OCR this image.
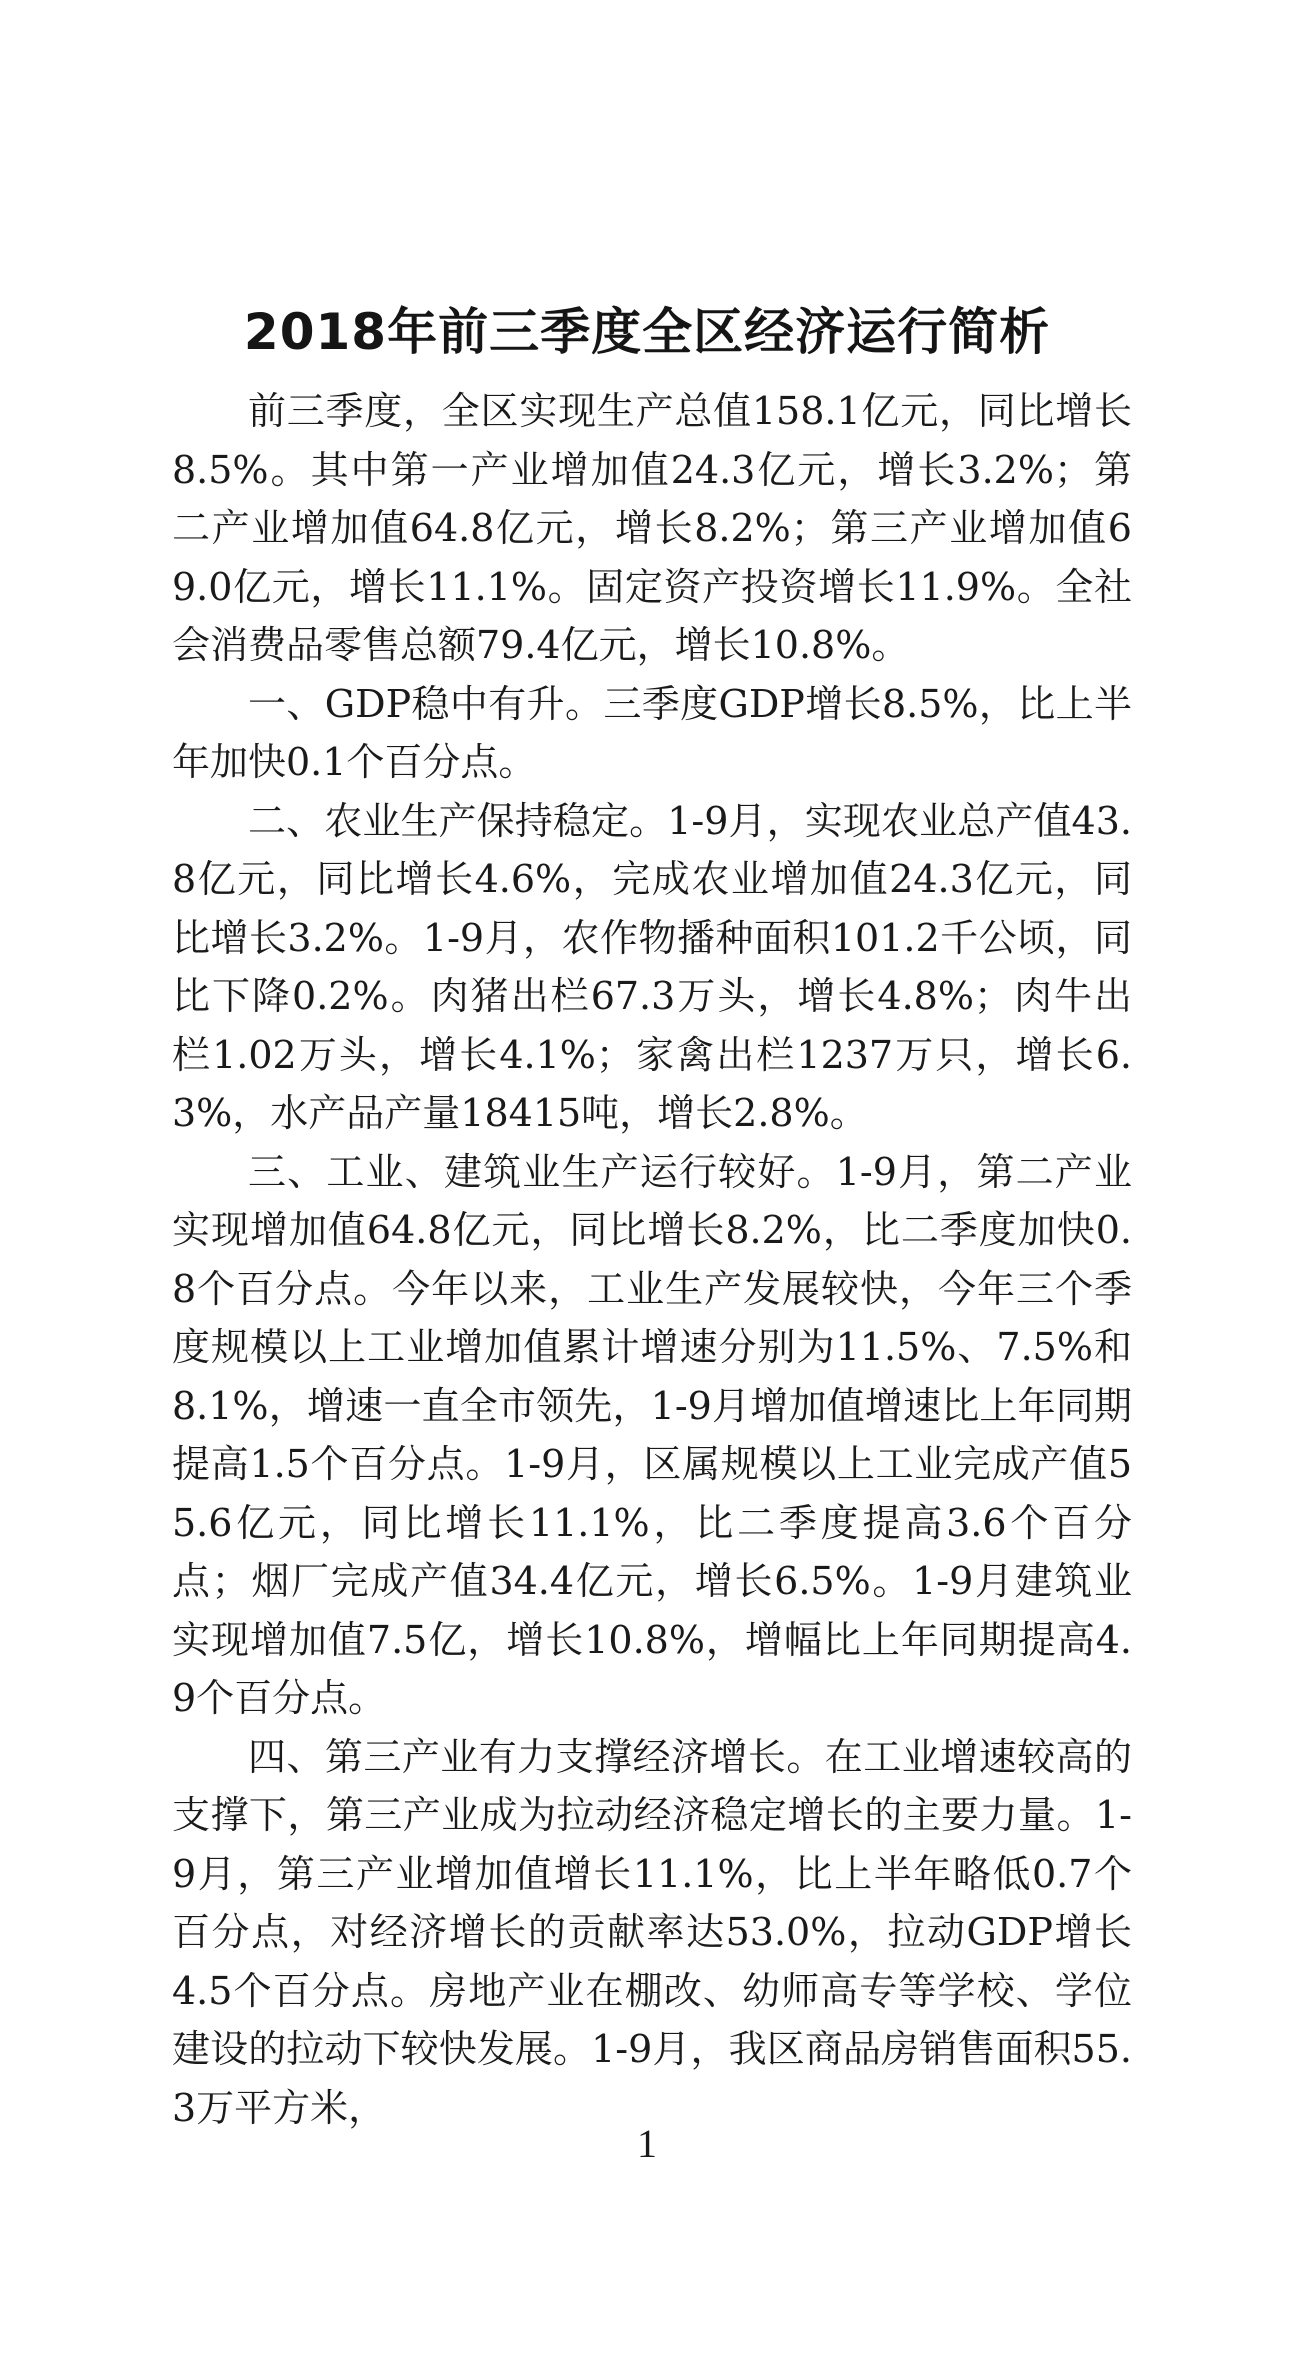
2018年前三季度全区经济运行简析

前三季度，全区实现生产总值158.1亿元，同比增长8.5%。其中第一产业增加值24.3亿元，增长3.2%；第二产业增加值64.8亿元，增长8.2%；第三产业增加值69.0亿元，增长11.1%。固定资产投资增长11.9%。全社会消费品零售总额79.4亿元，增长10.8%。

一、GDP稳中有升。三季度GDP增长8.5%，比上半年加快0.1个百分点。

二、农业生产保持稳定。1-9月，实现农业总产值43.8亿元，同比增长4.6%，完成农业增加值24.3亿元，同比增长3.2%。1-9月，农作物播种面积101.2千公顷，同比下降0.2%。肉猪出栏67.3万头，增长4.8%；肉牛出栏1.02万头，增长4.1%；家禽出栏1237万只，增长6.3%，水产品产量18415吨，增长2.8%。

三、工业、建筑业生产运行较好。1-9月，第二产业实现增加值64.8亿元，同比增长8.2%，比二季度加快0.8个百分点。今年以来，工业生产发展较快，今年三个季度规模以上工业增加值累计增速分别为11.5%、7.5%和8.1%，增速一直全市领先，1-9月增加值增速比上年同期提高1.5个百分点。1-9月，区属规模以上工业完成产值55.6亿元，同比增长11.1%，比二季度提高3.6个百分点；烟厂完成产值34.4亿元，增长6.5%。1-9月建筑业实现增加值7.5亿，增长10.8%，增幅比上年同期提高4.9个百分点。

四、第三产业有力支撑经济增长。在工业增速较高的支撑下，第三产业成为拉动经济稳定增长的主要力量。1-9月，第三产业增加值增长11.1%，比上半年略低0.7个百分点，对经济增长的贡献率达53.0%，拉动GDP增长4.5个百分点。房地产业在棚改、幼师高专等学校、学位建设的拉动下较快发展。1-9月，我区商品房销售面积55.3万平方米，

1
